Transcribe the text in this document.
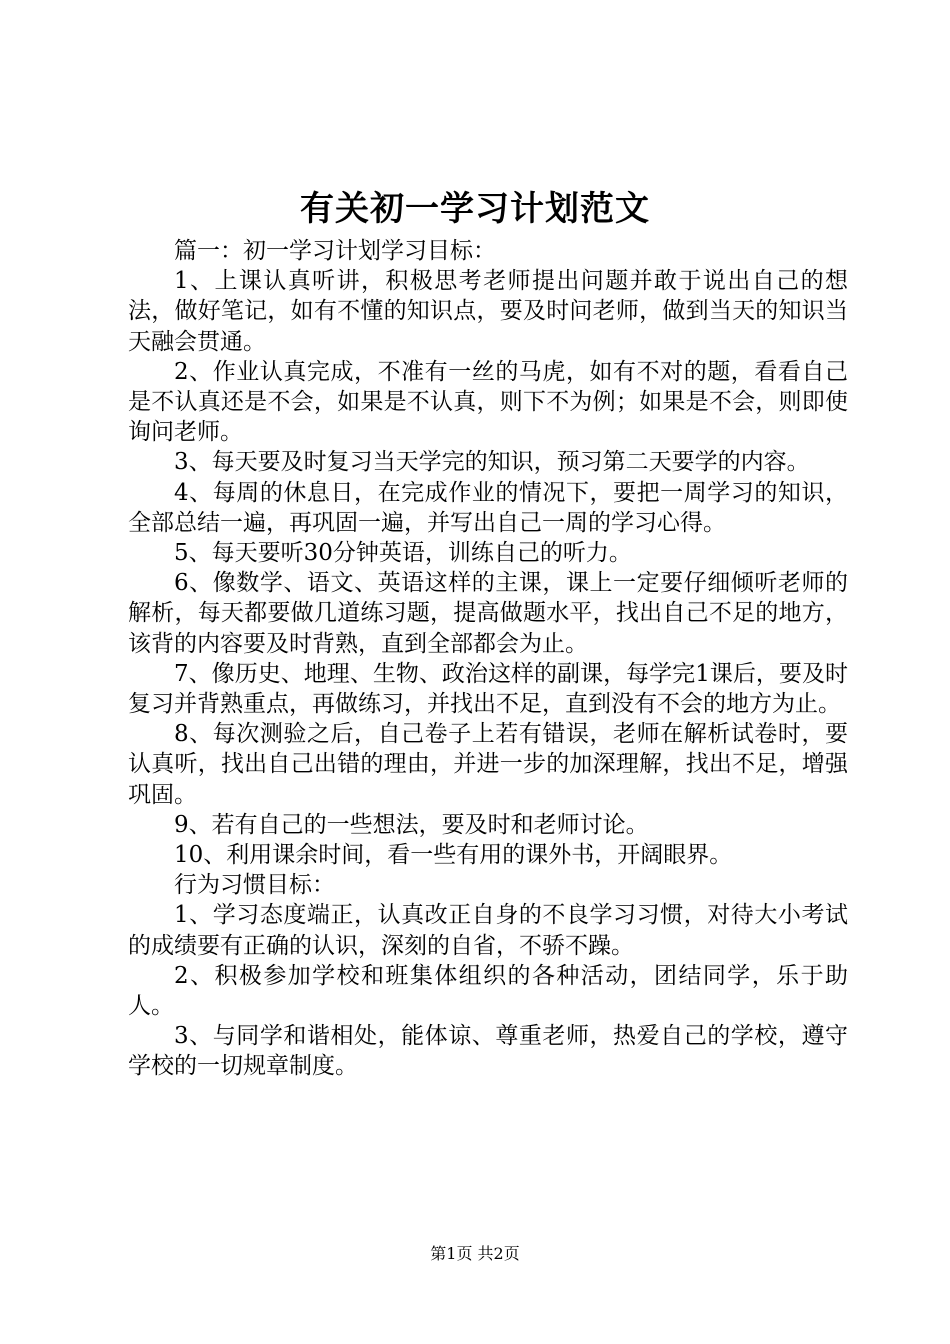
有关初一学习计划范文

篇一：初一学习计划学习目标：

1、上课认真听讲，积极思考老师提出问题并敢于说出自己的想法，做好笔记，如有不懂的知识点，要及时问老师，做到当天的知识当天融会贯通。

2、作业认真完成，不准有一丝的马虎，如有不对的题，看看自己是不认真还是不会，如果是不认真，则下不为例；如果是不会，则即使询问老师。

3、每天要及时复习当天学完的知识，预习第二天要学的内容。

4、每周的休息日，在完成作业的情况下，要把一周学习的知识，全部总结一遍，再巩固一遍，并写出自己一周的学习心得。

5、每天要听30分钟英语，训练自己的听力。

6、像数学、语文、英语这样的主课，课上一定要仔细倾听老师的解析，每天都要做几道练习题，提高做题水平，找出自己不足的地方，该背的内容要及时背熟，直到全部都会为止。

7、像历史、地理、生物、政治这样的副课，每学完1课后，要及时复习并背熟重点，再做练习，并找出不足，直到没有不会的地方为止。

8、每次测验之后，自己卷子上若有错误，老师在解析试卷时，要认真听，找出自己出错的理由，并进一步的加深理解，找出不足，增强巩固。

9、若有自己的一些想法，要及时和老师讨论。

10、利用课余时间，看一些有用的课外书，开阔眼界。

行为习惯目标：

1、学习态度端正，认真改正自身的不良学习习惯，对待大小考试的成绩要有正确的认识，深刻的自省，不骄不躁。

2、积极参加学校和班集体组织的各种活动，团结同学，乐于助人。

3、与同学和谐相处，能体谅、尊重老师，热爱自己的学校，遵守学校的一切规章制度。

第1页 共2页
